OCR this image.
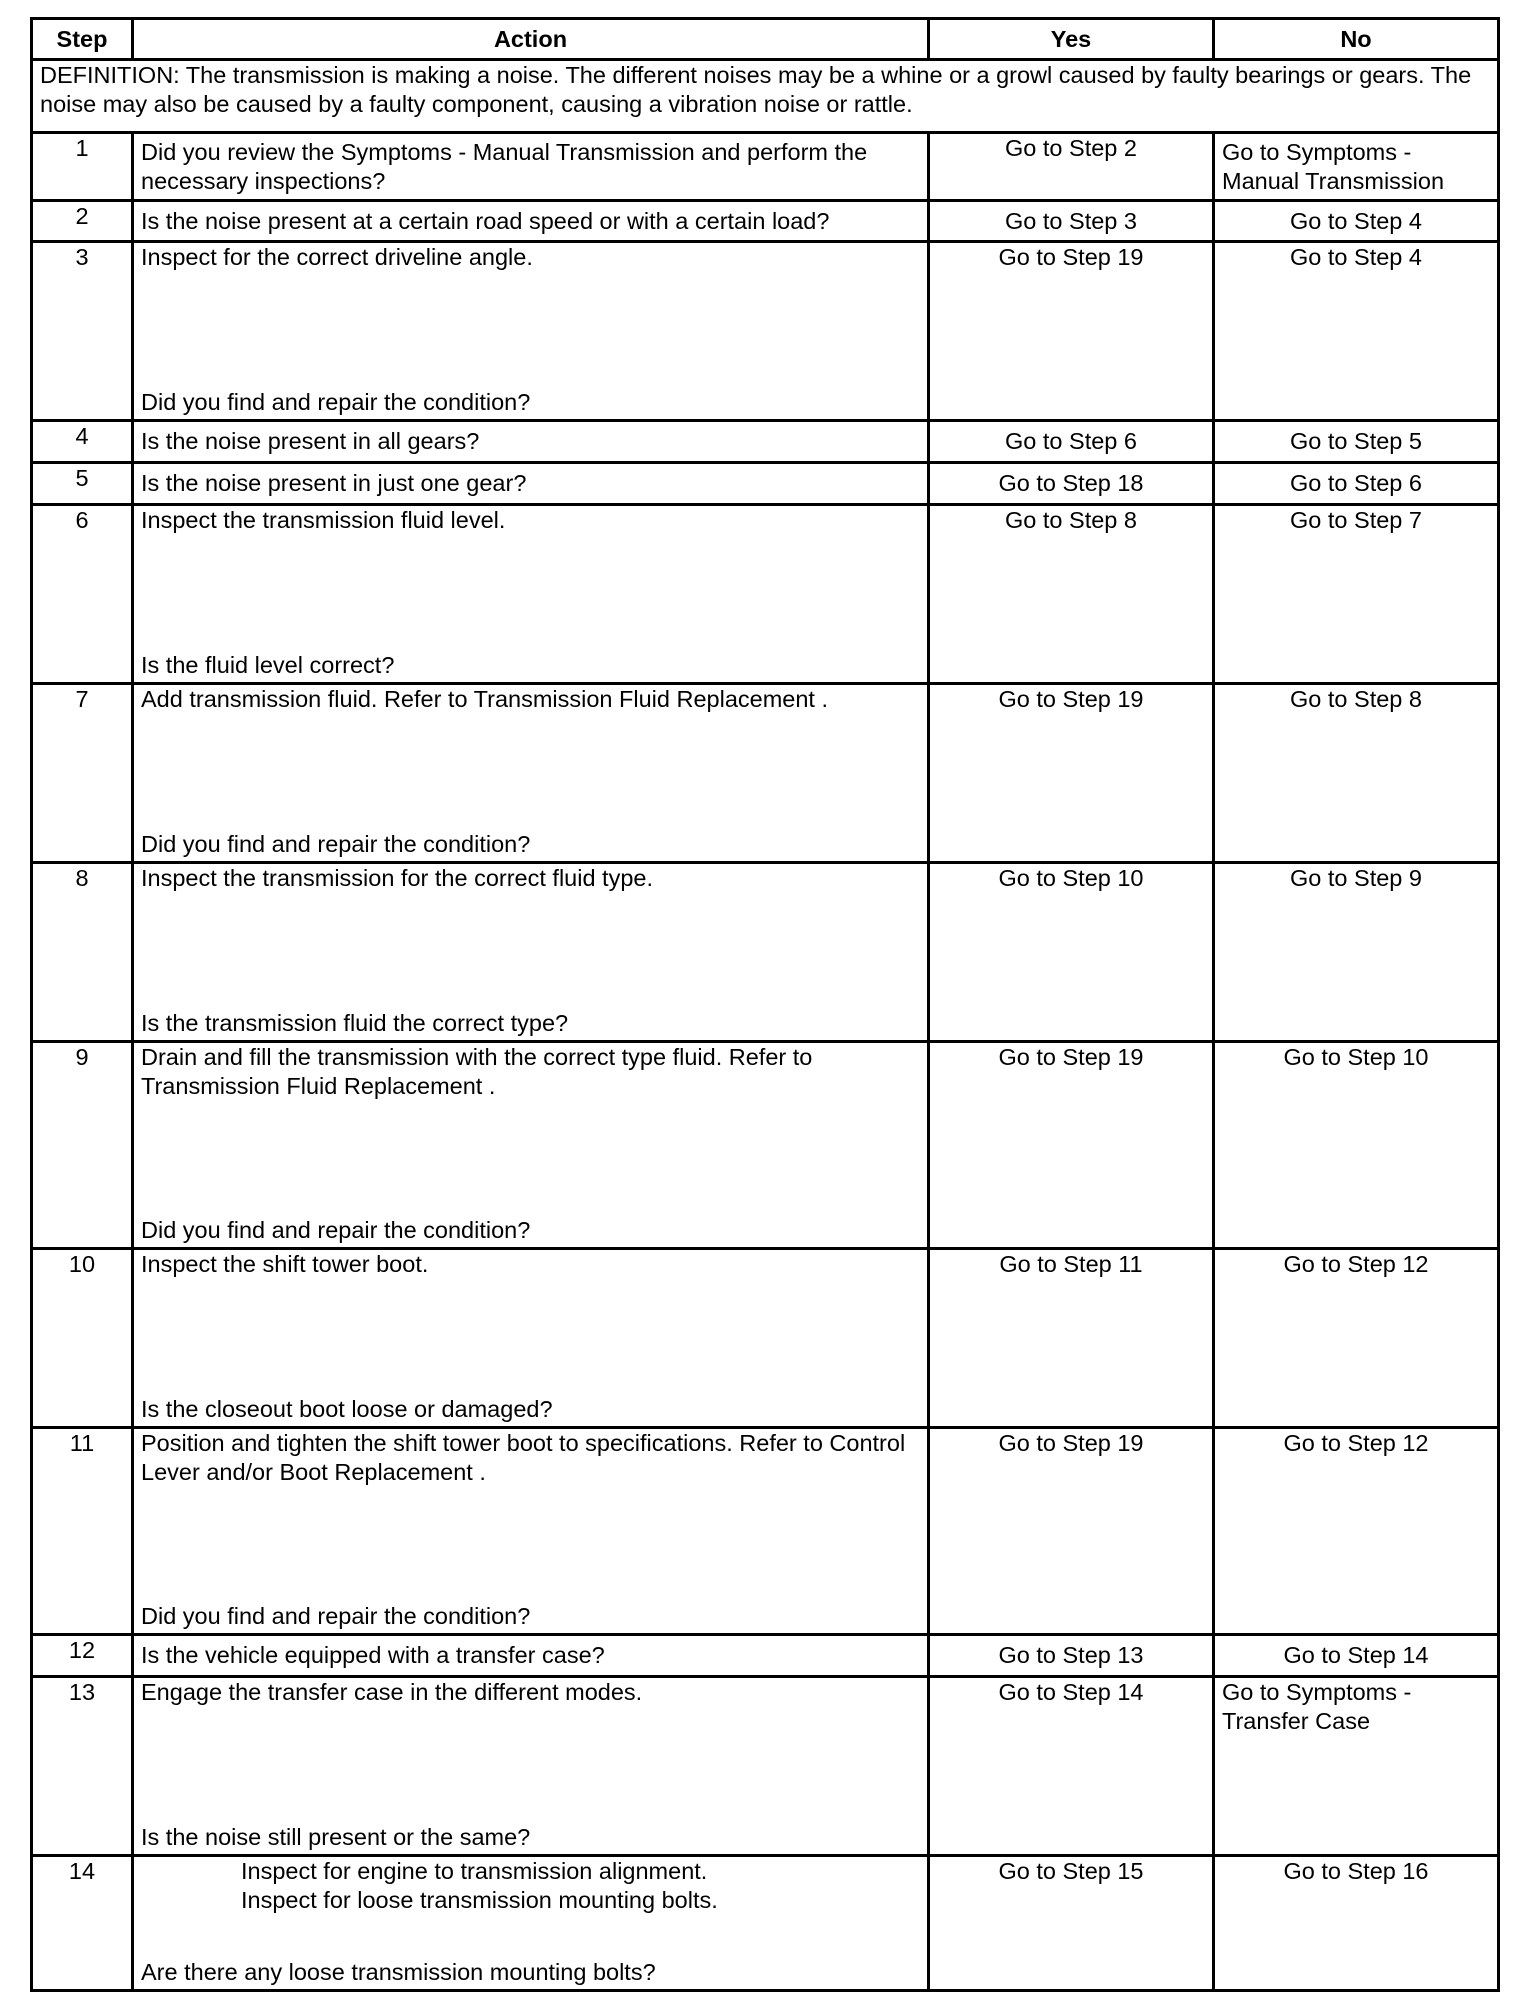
Step	Action	Yes	No
DEFINITION: The transmission is making a noise. The different noises may be a whine or a growl caused by faulty bearings or gears. The noise may also be caused by a faulty component, causing a vibration noise or rattle.			
1	Did you review the Symptoms - Manual Transmission and perform the necessary inspections?	Go to Step 2	Go to Symptoms - Manual Transmission
2	Is the noise present at a certain road speed or with a certain load?	Go to Step 3	Go to Step 4
3	Inspect for the correct driveline angle.
Did you find and repair the condition?	Go to Step 19	Go to Step 4
4	Is the noise present in all gears?	Go to Step 6	Go to Step 5
5	Is the noise present in just one gear?	Go to Step 18	Go to Step 6
6	Inspect the transmission fluid level.
Is the fluid level correct?	Go to Step 8	Go to Step 7
7	Add transmission fluid. Refer to Transmission Fluid Replacement .
Did you find and repair the condition?	Go to Step 19	Go to Step 8
8	Inspect the transmission for the correct fluid type.
Is the transmission fluid the correct type?	Go to Step 10	Go to Step 9
9	Drain and fill the transmission with the correct type fluid. Refer to Transmission Fluid Replacement .
Did you find and repair the condition?	Go to Step 19	Go to Step 10
10	Inspect the shift tower boot.
Is the closeout boot loose or damaged?	Go to Step 11	Go to Step 12
11	Position and tighten the shift tower boot to specifications. Refer to Control Lever and/or Boot Replacement .
Did you find and repair the condition?	Go to Step 19	Go to Step 12
12	Is the vehicle equipped with a transfer case?	Go to Step 13	Go to Step 14
13	Engage the transfer case in the different modes.
Is the noise still present or the same?	Go to Step 14	Go to Symptoms - Transfer Case
14	Inspect for engine to transmission alignment.
Inspect for loose transmission mounting bolts.
Are there any loose transmission mounting bolts?	Go to Step 15	Go to Step 16
